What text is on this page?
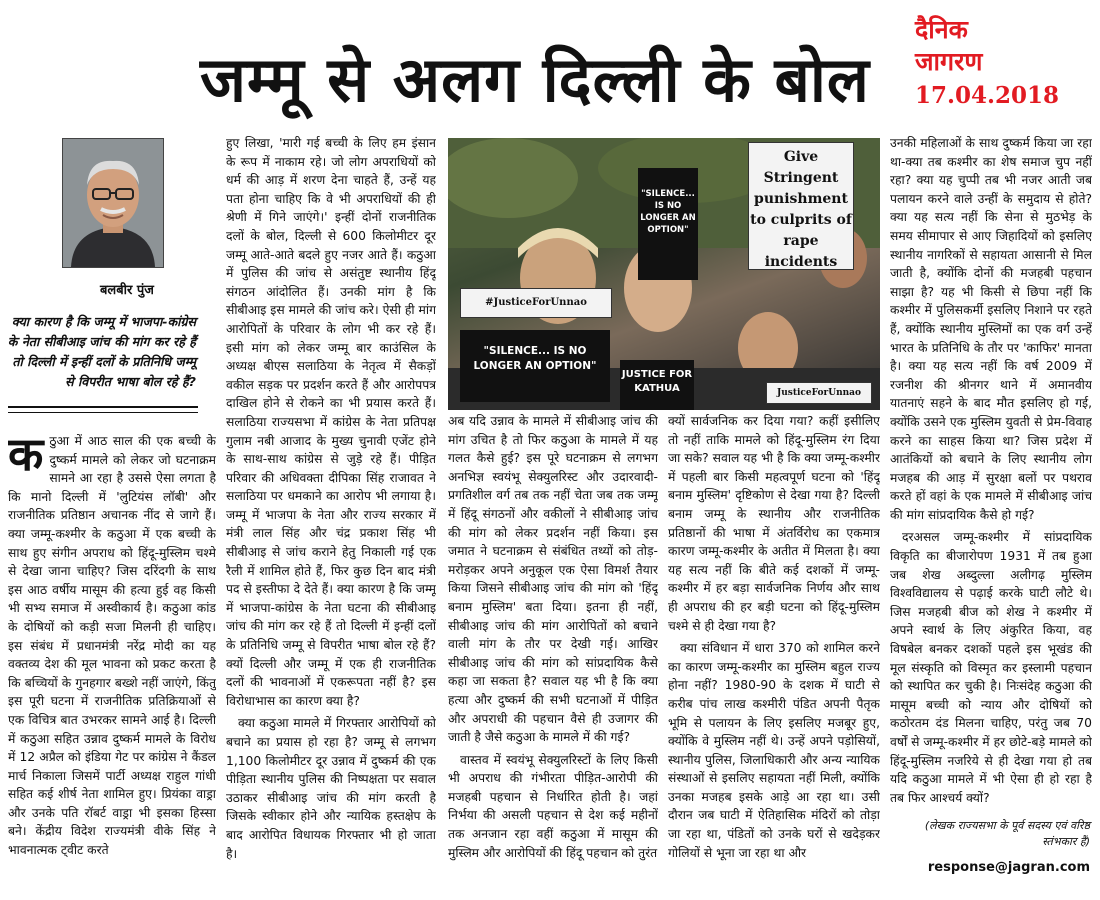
जम्मू से अलग दिल्ली के बोल
दैनिक
जागरण
17.04.2018
बलबीर पुंज
क्या कारण है कि जम्मू में भाजपा-कांग्रेस के नेता सीबीआइ जांच की मांग कर रहे हैं तो दिल्ली में इन्हीं दलों के प्रतिनिधि जम्मू से विपरीत भाषा बोल रहे हैं?
कठुआ में आठ साल की एक बच्ची के दुष्कर्म मामले को लेकर जो घटनाक्रम सामने आ रहा है उससे ऐसा लगता है कि मानो दिल्ली में 'लुटियंस लॉबी' और राजनीतिक प्रतिष्ठान अचानक नींद से जागे हैं। क्या जम्मू-कश्मीर के कठुआ में एक बच्ची के साथ हुए संगीन अपराध को हिंदू-मुस्लिम चश्मे से देखा जाना चाहिए? जिस दरिंदगी के साथ इस आठ वर्षीय मासूम की हत्या हुई वह किसी भी सभ्य समाज में अस्वीकार्य है। कठुआ कांड के दोषियों को कड़ी सजा मिलनी ही चाहिए। इस संबंध में प्रधानमंत्री नरेंद्र मोदी का यह वक्तव्य देश की मूल भावना को प्रकट करता है कि बच्चियों के गुनहगार बख्शे नहीं जाएंगे, किंतु इस पूरी घटना में राजनीतिक प्रतिक्रियाओं से एक विचित्र बात उभरकर सामने आई है। दिल्ली में कठुआ सहित उन्नाव दुष्कर्म मामले के विरोध में 12 अप्रैल को इंडिया गेट पर कांग्रेस ने कैंडल मार्च निकाला जिसमें पार्टी अध्यक्ष राहुल गांधी सहित कई शीर्ष नेता शामिल हुए। प्रियंका वाड्रा और उनके पति रॉबर्ट वाड्रा भी इसका हिस्सा बने। केंद्रीय विदेश राज्यमंत्री वीके सिंह ने भावनात्मक ट्वीट करते

हुए लिखा, 'मारी गई बच्ची के लिए हम इंसान के रूप में नाकाम रहे। जो लोग अपराधियों को धर्म की आड़ में शरण देना चाहते हैं, उन्हें यह पता होना चाहिए कि वे भी अपराधियों की ही श्रेणी में गिने जाएंगे।' इन्हीं दोनों राजनीतिक दलों के बोल, दिल्ली से 600 किलोमीटर दूर जम्मू आते-आते बदले हुए नजर आते हैं। कठुआ में पुलिस की जांच से असंतुष्ट स्थानीय हिंदू संगठन आंदोलित हैं। उनकी मांग है कि सीबीआइ इस मामले की जांच करे। ऐसी ही मांग आरोपितों के परिवार के लोग भी कर रहे हैं। इसी मांग को लेकर जम्मू बार काउंसिल के अध्यक्ष बीएस सलाठिया के नेतृत्व में सैकड़ों वकील सड़क पर प्रदर्शन करते हैं और आरोपपत्र दाखिल होने से रोकने का भी प्रयास करते हैं। सलाठिया राज्यसभा में कांग्रेस के नेता प्रतिपक्ष गुलाम नबी आजाद के मुख्य चुनावी एजेंट होने के साथ-साथ कांग्रेस से जुड़े रहे हैं। पीड़ित परिवार की अधिवक्ता दीपिका सिंह राजावत ने सलाठिया पर धमकाने का आरोप भी लगाया है। जम्मू में भाजपा के नेता और राज्य सरकार में मंत्री लाल सिंह और चंद्र प्रकाश सिंह भी सीबीआइ से जांच कराने हेतु निकाली गई एक रैली में शामिल होते हैं, फिर कुछ दिन बाद मंत्री पद से इस्तीफा दे देते हैं। क्या कारण है कि जम्मू में भाजपा-कांग्रेस के नेता घटना की सीबीआइ जांच की मांग कर रहे हैं तो दिल्ली में इन्हीं दलों के प्रतिनिधि जम्मू से विपरीत भाषा बोल रहे हैं? क्यों दिल्ली और जम्मू में एक ही राजनीतिक दलों की भावनाओं में एकरूपता नहीं है? इस विरोधाभास का कारण क्या है?

क्या कठुआ मामले में गिरफ्तार आरोपियों को बचाने का प्रयास हो रहा है? जम्मू से लगभग 1,100 किलोमीटर दूर उन्नाव में दुष्कर्म की एक पीड़िता स्थानीय पुलिस की निष्पक्षता पर सवाल उठाकर सीबीआइ जांच की मांग करती है जिसके स्वीकार होने और न्यायिक हस्तक्षेप के बाद आरोपित विधायक गिरफ्तार भी हो जाता है।

Give Stringent punishment to culprits of rape incidents
"SILENCE... IS NO LONGER AN OPTION"
#JusticeForUnnao
JUSTICE FOR KATHUA
"SILENCE... IS NO LONGER AN OPTION"
JusticeForUnnao

अब यदि उन्नाव के मामले में सीबीआइ जांच की मांग उचित है तो फिर कठुआ के मामले में यह गलत कैसे हुई? इस पूरे घटनाक्रम से लगभग अनभिज्ञ स्वयंभू सेक्युलरिस्ट और उदारवादी-प्रगतिशील वर्ग तब तक नहीं चेता जब तक जम्मू में हिंदू संगठनों और वकीलों ने सीबीआइ जांच की मांग को लेकर प्रदर्शन नहीं किया। इस जमात ने घटनाक्रम से संबंधित तथ्यों को तोड़-मरोड़कर अपने अनुकूल एक ऐसा विमर्श तैयार किया जिसने सीबीआइ जांच की मांग को 'हिंदू बनाम मुस्लिम' बता दिया। इतना ही नहीं, सीबीआइ जांच की मांग आरोपितों को बचाने वाली मांग के तौर पर देखी गई। आखिर सीबीआइ जांच की मांग को सांप्रदायिक कैसे कहा जा सकता है? सवाल यह भी है कि क्या हत्या और दुष्कर्म की सभी घटनाओं में पीड़ित और अपराधी की पहचान वैसे ही उजागर की जाती है जैसे कठुआ के मामले में की गई?

वास्तव में स्वयंभू सेक्युलरिस्टों के लिए किसी भी अपराध की गंभीरता पीड़ित-आरोपी की मजहबी पहचान से निर्धारित होती है। जहां निर्भया की असली पहचान से देश कई महीनों तक अनजान रहा वहीं कठुआ में मासूम की मुस्लिम और आरोपियों की हिंदू पहचान को तुरंत

क्यों सार्वजनिक कर दिया गया? कहीं इसीलिए तो नहीं ताकि मामले को हिंदू-मुस्लिम रंग दिया जा सके? सवाल यह भी है कि क्या जम्मू-कश्मीर में पहली बार किसी महत्वपूर्ण घटना को 'हिंदू बनाम मुस्लिम' दृष्टिकोण से देखा गया है? दिल्ली बनाम जम्मू के स्थानीय और राजनीतिक प्रतिष्ठानों की भाषा में अंतर्विरोध का एकमात्र कारण जम्मू-कश्मीर के अतीत में मिलता है। क्या यह सत्य नहीं कि बीते कई दशकों में जम्मू-कश्मीर में हर बड़ा सार्वजनिक निर्णय और साथ ही अपराध की हर बड़ी घटना को हिंदू-मुस्लिम चश्मे से ही देखा गया है?

क्या संविधान में धारा 370 को शामिल करने का कारण जम्मू-कश्मीर का मुस्लिम बहुल राज्य होना नहीं? 1980-90 के दशक में घाटी से करीब पांच लाख कश्मीरी पंडित अपनी पैतृक भूमि से पलायन के लिए इसलिए मजबूर हुए, क्योंकि वे मुस्लिम नहीं थे। उन्हें अपने पड़ोसियों, स्थानीय पुलिस, जिलाधिकारी और अन्य न्यायिक संस्थाओं से इसलिए सहायता नहीं मिली, क्योंकि उनका मजहब इसके आड़े आ रहा था। उसी दौरान जब घाटी में ऐतिहासिक मंदिरों को तोड़ा जा रहा था, पंडितों को उनके घरों से खदेड़कर गोलियों से भूना जा रहा था और

उनकी महिलाओं के साथ दुष्कर्म किया जा रहा था-क्या तब कश्मीर का शेष समाज चुप नहीं रहा? क्या यह चुप्पी तब भी नजर आती जब पलायन करने वाले उन्हीं के समुदाय से होते? क्या यह सत्य नहीं कि सेना से मुठभेड़ के समय सीमापार से आए जिहादियों को इसलिए स्थानीय नागरिकों से सहायता आसानी से मिल जाती है, क्योंकि दोनों की मजहबी पहचान साझा है? यह भी किसी से छिपा नहीं कि कश्मीर में पुलिसकर्मी इसलिए निशाने पर रहते हैं, क्योंकि स्थानीय मुस्लिमों का एक वर्ग उन्हें भारत के प्रतिनिधि के तौर पर 'काफिर' मानता है। क्या यह सत्य नहीं कि वर्ष 2009 में रजनीश की श्रीनगर थाने में अमानवीय यातनाएं सहने के बाद मौत इसलिए हो गई, क्योंकि उसने एक मुस्लिम युवती से प्रेम-विवाह करने का साहस किया था? जिस प्रदेश में आतंकियों को बचाने के लिए स्थानीय लोग मजहब की आड़ में सुरक्षा बलों पर पथराव करते हों वहां के एक मामले में सीबीआइ जांच की मांग सांप्रदायिक कैसे हो गई?

दरअसल जम्मू-कश्मीर में सांप्रदायिक विकृति का बीजारोपण 1931 में तब हुआ जब शेख अब्दुल्ला अलीगढ़ मुस्लिम विश्वविद्यालय से पढ़ाई करके घाटी लौटे थे। जिस मजहबी बीज को शेख ने कश्मीर में अपने स्वार्थ के लिए अंकुरित किया, वह विषबेल बनकर दशकों पहले इस भूखंड की मूल संस्कृति को विस्मृत कर इस्लामी पहचान को स्थापित कर चुकी है। निःसंदेह कठुआ की मासूम बच्ची को न्याय और दोषियों को कठोरतम दंड मिलना चाहिए, परंतु जब 70 वर्षों से जम्मू-कश्मीर में हर छोटे-बड़े मामले को हिंदू-मुस्लिम नजरिये से ही देखा गया हो तब यदि कठुआ मामले में भी ऐसा ही हो रहा है तब फिर आश्चर्य क्यों?

(लेखक राज्यसभा के पूर्व सदस्य एवं वरिष्ठ स्तंभकार हैं)
response@jagran.com
